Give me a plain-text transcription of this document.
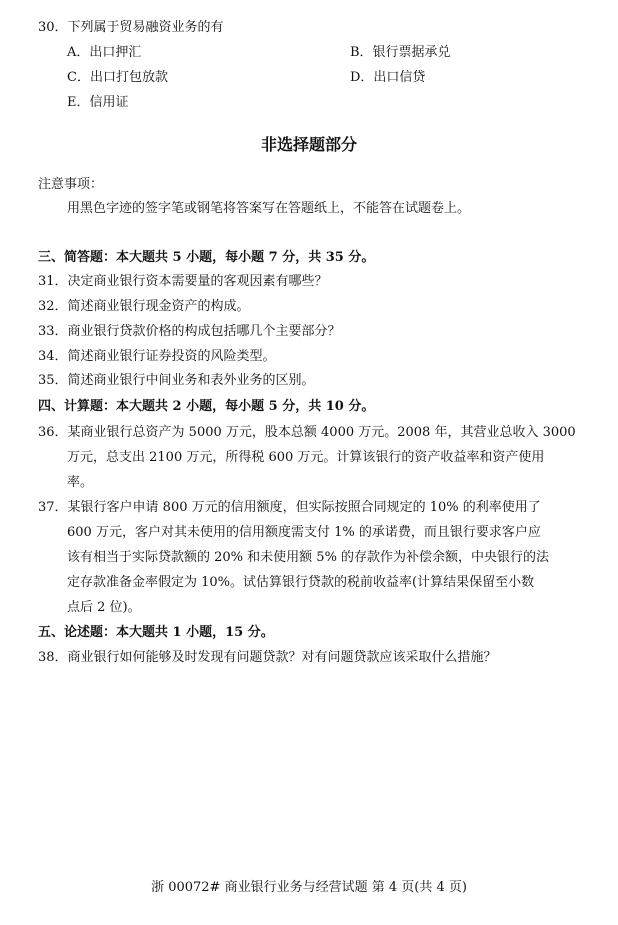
30．下列属于贸易融资业务的有
A．出口押汇	B．银行票据承兑
C．出口打包放款	D．出口信贷
E．信用证
非选择题部分
注意事项：
用黑色字迹的签字笔或钢笔将答案写在答题纸上，不能答在试题卷上。
三、简答题：本大题共 5 小题，每小题 7 分，共 35 分。
31．决定商业银行资本需要量的客观因素有哪些？
32．简述商业银行现金资产的构成。
33．商业银行贷款价格的构成包括哪几个主要部分？
34．简述商业银行证券投资的风险类型。
35．简述商业银行中间业务和表外业务的区别。
四、计算题：本大题共 2 小题，每小题 5 分，共 10 分。
36．某商业银行总资产为 5000 万元，股本总额 4000 万元。2008 年，其营业总收入 3000
万元，总支出 2100 万元，所得税 600 万元。计算该银行的资产收益率和资产使用
率。
37．某银行客户申请 800 万元的信用额度，但实际按照合同规定的 10% 的利率使用了
600 万元，客户对其未使用的信用额度需支付 1% 的承诺费，而且银行要求客户应
该有相当于实际贷款额的 20% 和未使用额 5% 的存款作为补偿余额，中央银行的法
定存款准备金率假定为 10%。试估算银行贷款的税前收益率(计算结果保留至小数
点后 2 位)。
五、论述题：本大题共 1 小题，15 分。
38．商业银行如何能够及时发现有问题贷款？对有问题贷款应该采取什么措施？
浙 00072# 商业银行业务与经营试题 第 4 页(共 4 页)
